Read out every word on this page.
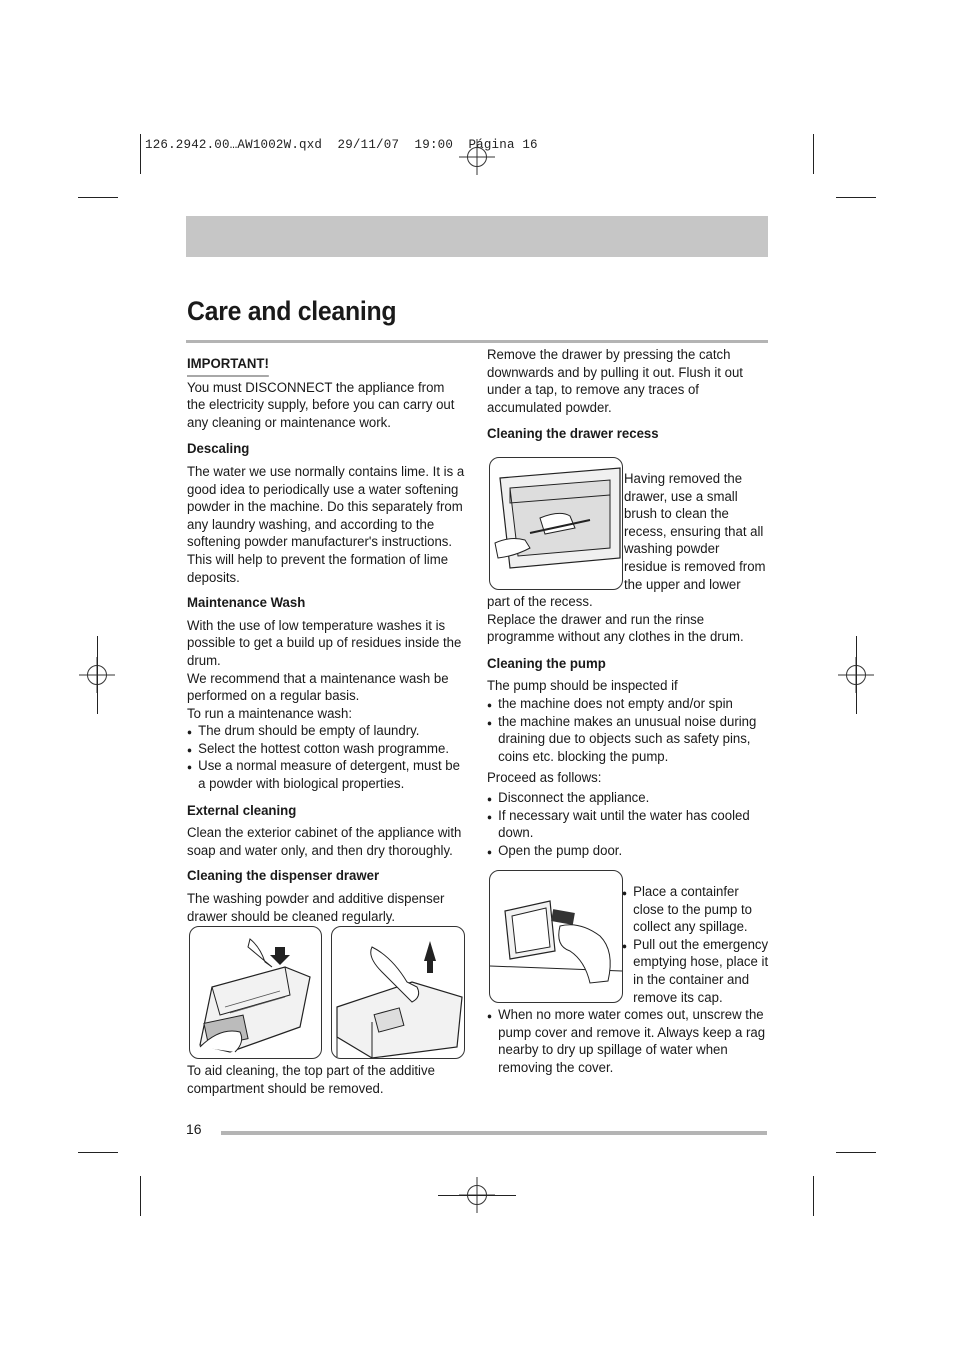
126.2942.00…AW1002W.qxd  29/11/07  19:00  Página 16
Care and cleaning
IMPORTANT!

You must DISCONNECT the appliance from the electricity supply, before you can carry out any cleaning or maintenance work.

Descaling

The water we use normally contains lime. It is a good idea to periodically use a water softening powder in the machine. Do this separately from any laundry washing, and according to the softening powder manufacturer's instructions. This will help to prevent the formation of lime deposits.

Maintenance Wash

With the use of low temperature washes it is possible to get a build up of residues inside the drum.

We recommend that a maintenance wash be performed on a regular basis.

To run a maintenance wash:

● The drum should be empty of laundry.
● Select the hottest cotton wash programme.
● Use a normal measure of detergent, must be a powder with biological properties.

External cleaning

Clean the exterior cabinet of the appliance with soap and water only, and then dry thoroughly.

Cleaning the dispenser drawer

The washing powder and additive dispenser drawer should be cleaned regularly.

To aid cleaning, the top part of the additive compartment should be removed.

Remove the drawer by pressing the catch downwards and by pulling it out. Flush it out under a tap, to remove any traces of accumulated powder.

Cleaning the drawer recess

Having removed the

drawer, use a small

brush to clean the

recess, ensuring that all

washing powder

residue is removed from

the upper and lower

part of the recess.

Replace the drawer and run the rinse programme without any clothes in the drum.

Cleaning the pump

The pump should be inspected if

● the machine does not empty and/or spin
● the machine makes an unusual noise during draining due to objects such as safety pins, coins etc. blocking the pump.

Proceed as follows:

● Disconnect the appliance.
● If necessary wait until the water has cooled down.
● Open the pump door.
● Place a containfer
close to the pump to
collect any spillage.
● Pull out the emergency
emptying hose, place it
in the container and
remove its cap.
● When no more water comes out, unscrew the pump cover and remove it. Always keep a rag nearby to dry up spillage of water when removing the cover.
16
